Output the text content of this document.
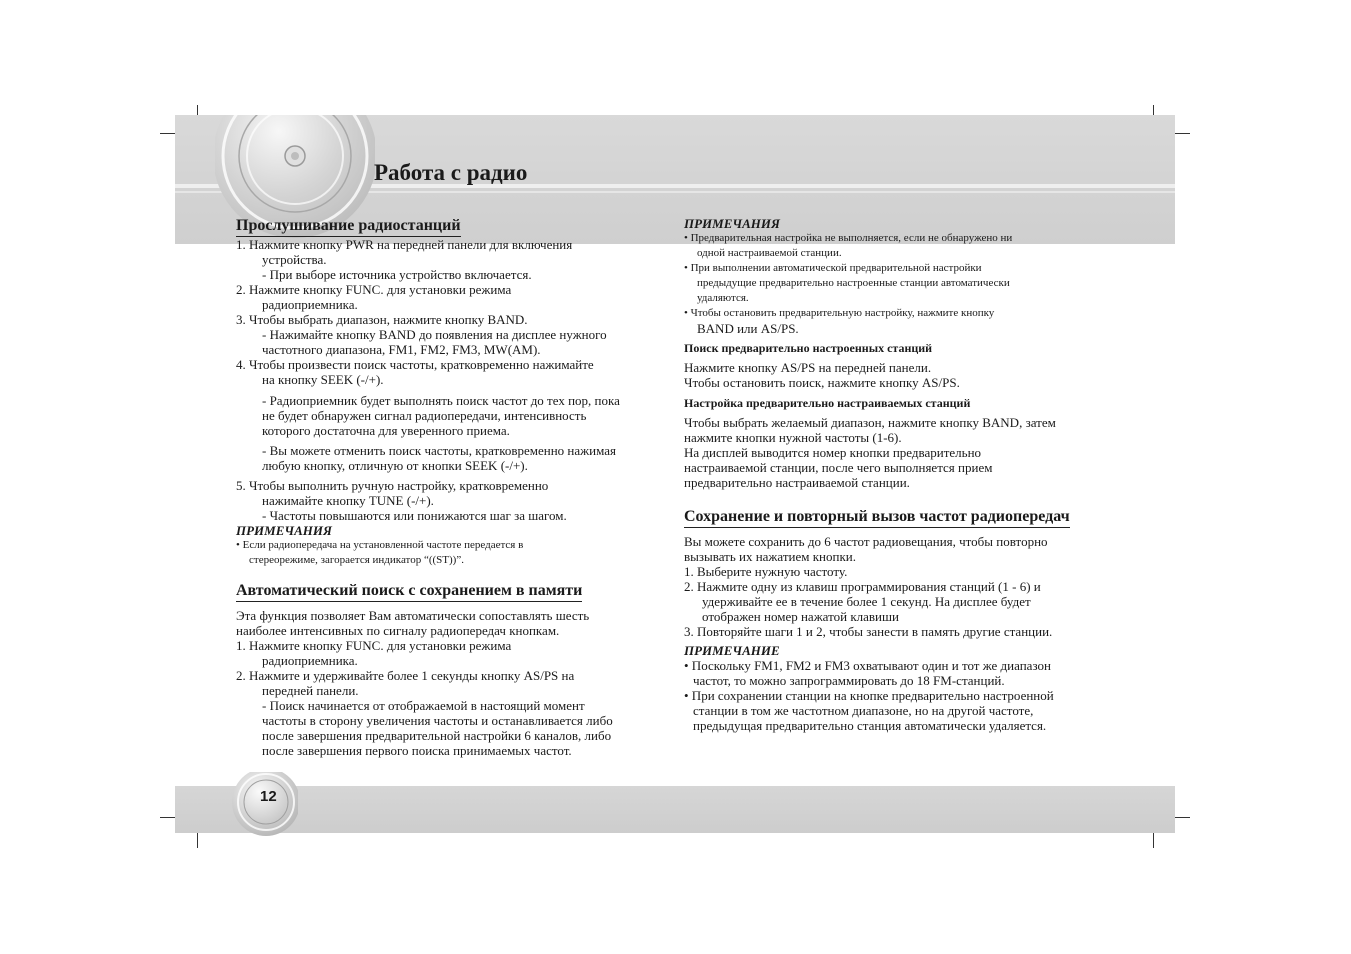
Работа с радио
Прослушивание радиостанций

1. Нажмите кнопку PWR на передней панели для включения

устройства.

- При выборе источника устройство включается.

2. Нажмите кнопку FUNC. для установки режима

радиоприемника.

3. Чтобы выбрать диапазон, нажмите кнопку BAND.

- Нажимайте кнопку BAND до появления на дисплее нужного

частотного диапазона, FM1, FM2, FM3, MW(AM).

4. Чтобы произвести поиск частоты, кратковременно нажимайте

на кнопку SEEK (-/+).

- Радиоприемник будет выполнять поиск частот до тех пор, пока

не будет обнаружен сигнал радиопередачи, интенсивность

которого достаточна для уверенного приема.

- Вы можете отменить поиск частоты, кратковременно нажимая

любую кнопку, отличную от кнопки SEEK (-/+).

5. Чтобы выполнить ручную настройку, кратковременно

нажимайте кнопку TUNE (-/+).

- Частоты повышаются или понижаются шаг за шагом.

ПРИМЕЧАНИЯ

• Если радиопередача на установленной частоте передается в

стереорежиме, загорается индикатор “((ST))”.

Автоматический поиск с сохранением в памяти

Эта функция позволяет Вам автоматически сопоставлять шесть

наиболее интенсивных по сигналу радиопередач кнопкам.

1. Нажмите кнопку FUNC. для установки режима

радиоприемника.

2. Нажмите и удерживайте более 1 секунды кнопку AS/PS на

передней панели.

- Поиск начинается от отображаемой в настоящий момент

частоты в сторону увеличения частоты и останавливается либо

после завершения предварительной настройки 6 каналов, либо

после завершения первого поиска принимаемых частот.

ПРИМЕЧАНИЯ

• Предварительная настройка не выполняется, если не обнаружено ни

одной настраиваемой станции.

• При выполнении автоматической предварительной настройки

предыдущие предварительно настроенные станции автоматически

удаляются.

• Чтобы остановить предварительную настройку, нажмите кнопку

BAND или AS/PS.

Поиск предварительно настроенных станций

Нажмите кнопку AS/PS на передней панели.

Чтобы остановить поиск, нажмите кнопку AS/PS.

Настройка предварительно настраиваемых станций

Чтобы выбрать желаемый диапазон, нажмите кнопку BAND, затем

нажмите кнопки нужной частоты (1-6).

На дисплей выводится номер кнопки предварительно

настраиваемой станции, после чего выполняется прием

предварительно настраиваемой станции.

Сохранение и повторный вызов частот радиопередач

Вы можете сохранить до 6 частот радиовещания, чтобы повторно

вызывать их нажатием кнопки.

1. Выберите нужную частоту.

2. Нажмите одну из клавиш программирования станций (1 - 6) и

удерживайте ее в течение более 1 секунд. На дисплее будет

отображен номер нажатой клавиши

3. Повторяйте шаги 1 и 2, чтобы занести в память другие станции.

ПРИМЕЧАНИЕ

• Поскольку FM1, FM2 и FM3 охватывают один и тот же диапазон

частот, то можно запрограммировать до 18 FM-станций.

• При сохранении станции на кнопке предварительно настроенной

станции в том же частотном диапазоне, но на другой частоте,

предыдущая предварительно станция автоматически удаляется.

12
